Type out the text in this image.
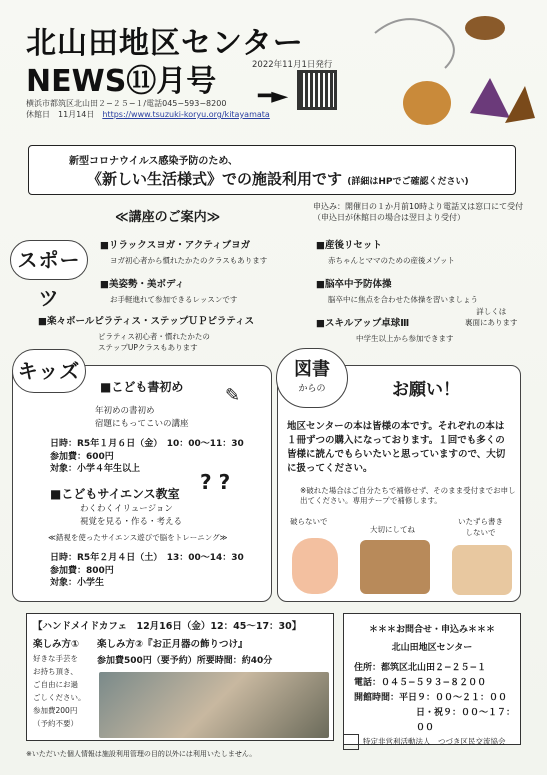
北山田地区センター
NEWS⑪月号	2022年11月1日発行
━►
横浜市都筑区北山田２−２５−１/電話045−593−8200
休館日　11月14日　 https://www.tsuzuki-koryu.org/kitayamata
新型コロナウイルス感染予防のため、
《新しい生活様式》での施設利用です (詳細はHPでご確認ください)
≪講座のご案内≫
申込み：開催日の１か月前10時より電話又は窓口にて受付
（申込日が休館日の場合は翌日より受付）
スポーツ
■リラックスヨガ・アクティブヨガ
ヨガ初心者から慣れたかたのクラスもあります
■美姿勢・美ボディ
お手軽進れて参加できるレッスンです
■楽々ボールピラティス・ステップＵＰピラティス
ピラティス初心者・慣れたかたの
ステップUPクラスもあります
■産後リセット
赤ちゃんとママのための産後メゾット
■脳卒中予防体操
脳卒中に焦点を合わせた体操を習いましょう
■スキルアップ卓球Ⅲ
中学生以上から参加できます
詳しくは
裏面にあります
キッズ
■こども書初め
年初めの書初め
宿題にもってこいの講座
日時：R5年１月６日（金）　10：00〜11：30
参加費：600円
対象：小学４年生以上
■こどもサイエンス教室
わくわくイリュージョン
視覚を見る・作る・考える
≪錯視を使ったサイエンス遊びで脳をトレーニング≫
日時：R5年２月４日（土）　13：00〜14：30
参加費：800円
対象：小学生
? ?
✎
図書
からの	お願い！
地区センターの本は皆様の本です。それぞれの本は１冊ずつの購入になっております。１回でも多くの皆様に読んでもらいたいと思っていますので、大切に扱ってください。
※破れた場合はご自分たちで補修せず、そのまま受付までお申し出てください。専用テープで補修します。
破らないで
大切にしてね
いたずら書き
しないで
【ハンドメイドカフェ　12月16日（金）12：45〜17：30】
楽しみ方①
好きな手芸を
お持ち頂き、
ご自由にお過
ごしください。
参加費200円
（予約不要）
楽しみ方②『お正月器の飾りつけ』
参加費500円（要予約）所要時間：約40分
＊＊＊お問合せ・申込み＊＊＊
北山田地区センター
住所：都筑区北山田２−２５−１
電話：０４５−５９３−８２００
開館時間：平日９：００〜２１：００
日・祝９：００〜１７：００
※いただいた個人情報は施設利用管理の目的以外には利用いたしません。
特定非営利活動法人　つづき区民交流協会
